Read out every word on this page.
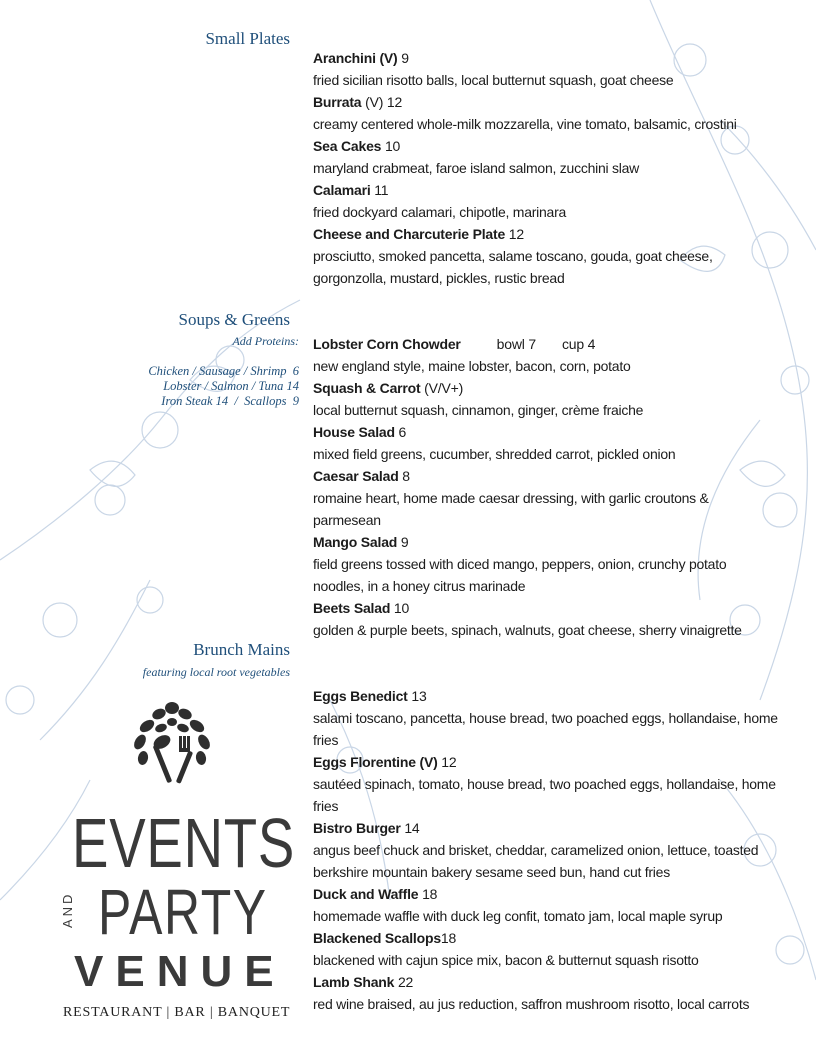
Small Plates
Soups & Greens
Add Proteins:
Chicken / Sausage / Shrimp  6
Lobster / Salmon / Tuna 14
Iron Steak 14  /  Scallops  9
Brunch Mains
featuring local root vegetables
Aranchini (V) 9
fried sicilian risotto balls, local butternut squash, goat cheese
Burrata (V) 12
creamy centered whole-milk mozzarella, vine tomato, balsamic, crostini
Sea Cakes 10
maryland crabmeat, faroe island salmon, zucchini slaw
Calamari 11
fried dockyard calamari, chipotle, marinara
Cheese and Charcuterie Plate 12
prosciutto, smoked pancetta, salame toscano, gouda, goat cheese,
gorgonzolla, mustard, pickles, rustic bread
Lobster Corn Chowder	bowl 7 cup 4
new england style, maine lobster, bacon, corn, potato
Squash & Carrot (V/V+)
local butternut squash, cinnamon, ginger, crème fraiche
House Salad 6
mixed field greens, cucumber, shredded carrot, pickled onion
Caesar Salad 8
romaine heart, home made caesar dressing, with garlic croutons &
parmesean
Mango Salad 9
field greens tossed with diced mango, peppers, onion, crunchy potato
noodles, in a honey citrus marinade
Beets Salad 10
golden & purple beets, spinach, walnuts, goat cheese, sherry vinaigrette
Eggs Benedict 13
salami toscano, pancetta, house bread, two poached eggs, hollandaise, home
fries
Eggs Florentine (V) 12
sautéed spinach, tomato, house bread, two poached eggs, hollandaise, home
fries
Bistro Burger 14
angus beef chuck and brisket, cheddar, caramelized onion, lettuce, toasted
berkshire mountain bakery sesame seed bun, hand cut fries
Duck and Waffle 18
homemade waffle with duck leg confit, tomato jam, local maple syrup
Blackened Scallops18
blackened with cajun spice mix, bacon & butternut squash risotto
Lamb Shank 22
red wine braised, au jus reduction, saffron mushroom risotto, local carrots
EVENTS
AND PARTY
VENUE
RESTAURANT | BAR | BANQUET
